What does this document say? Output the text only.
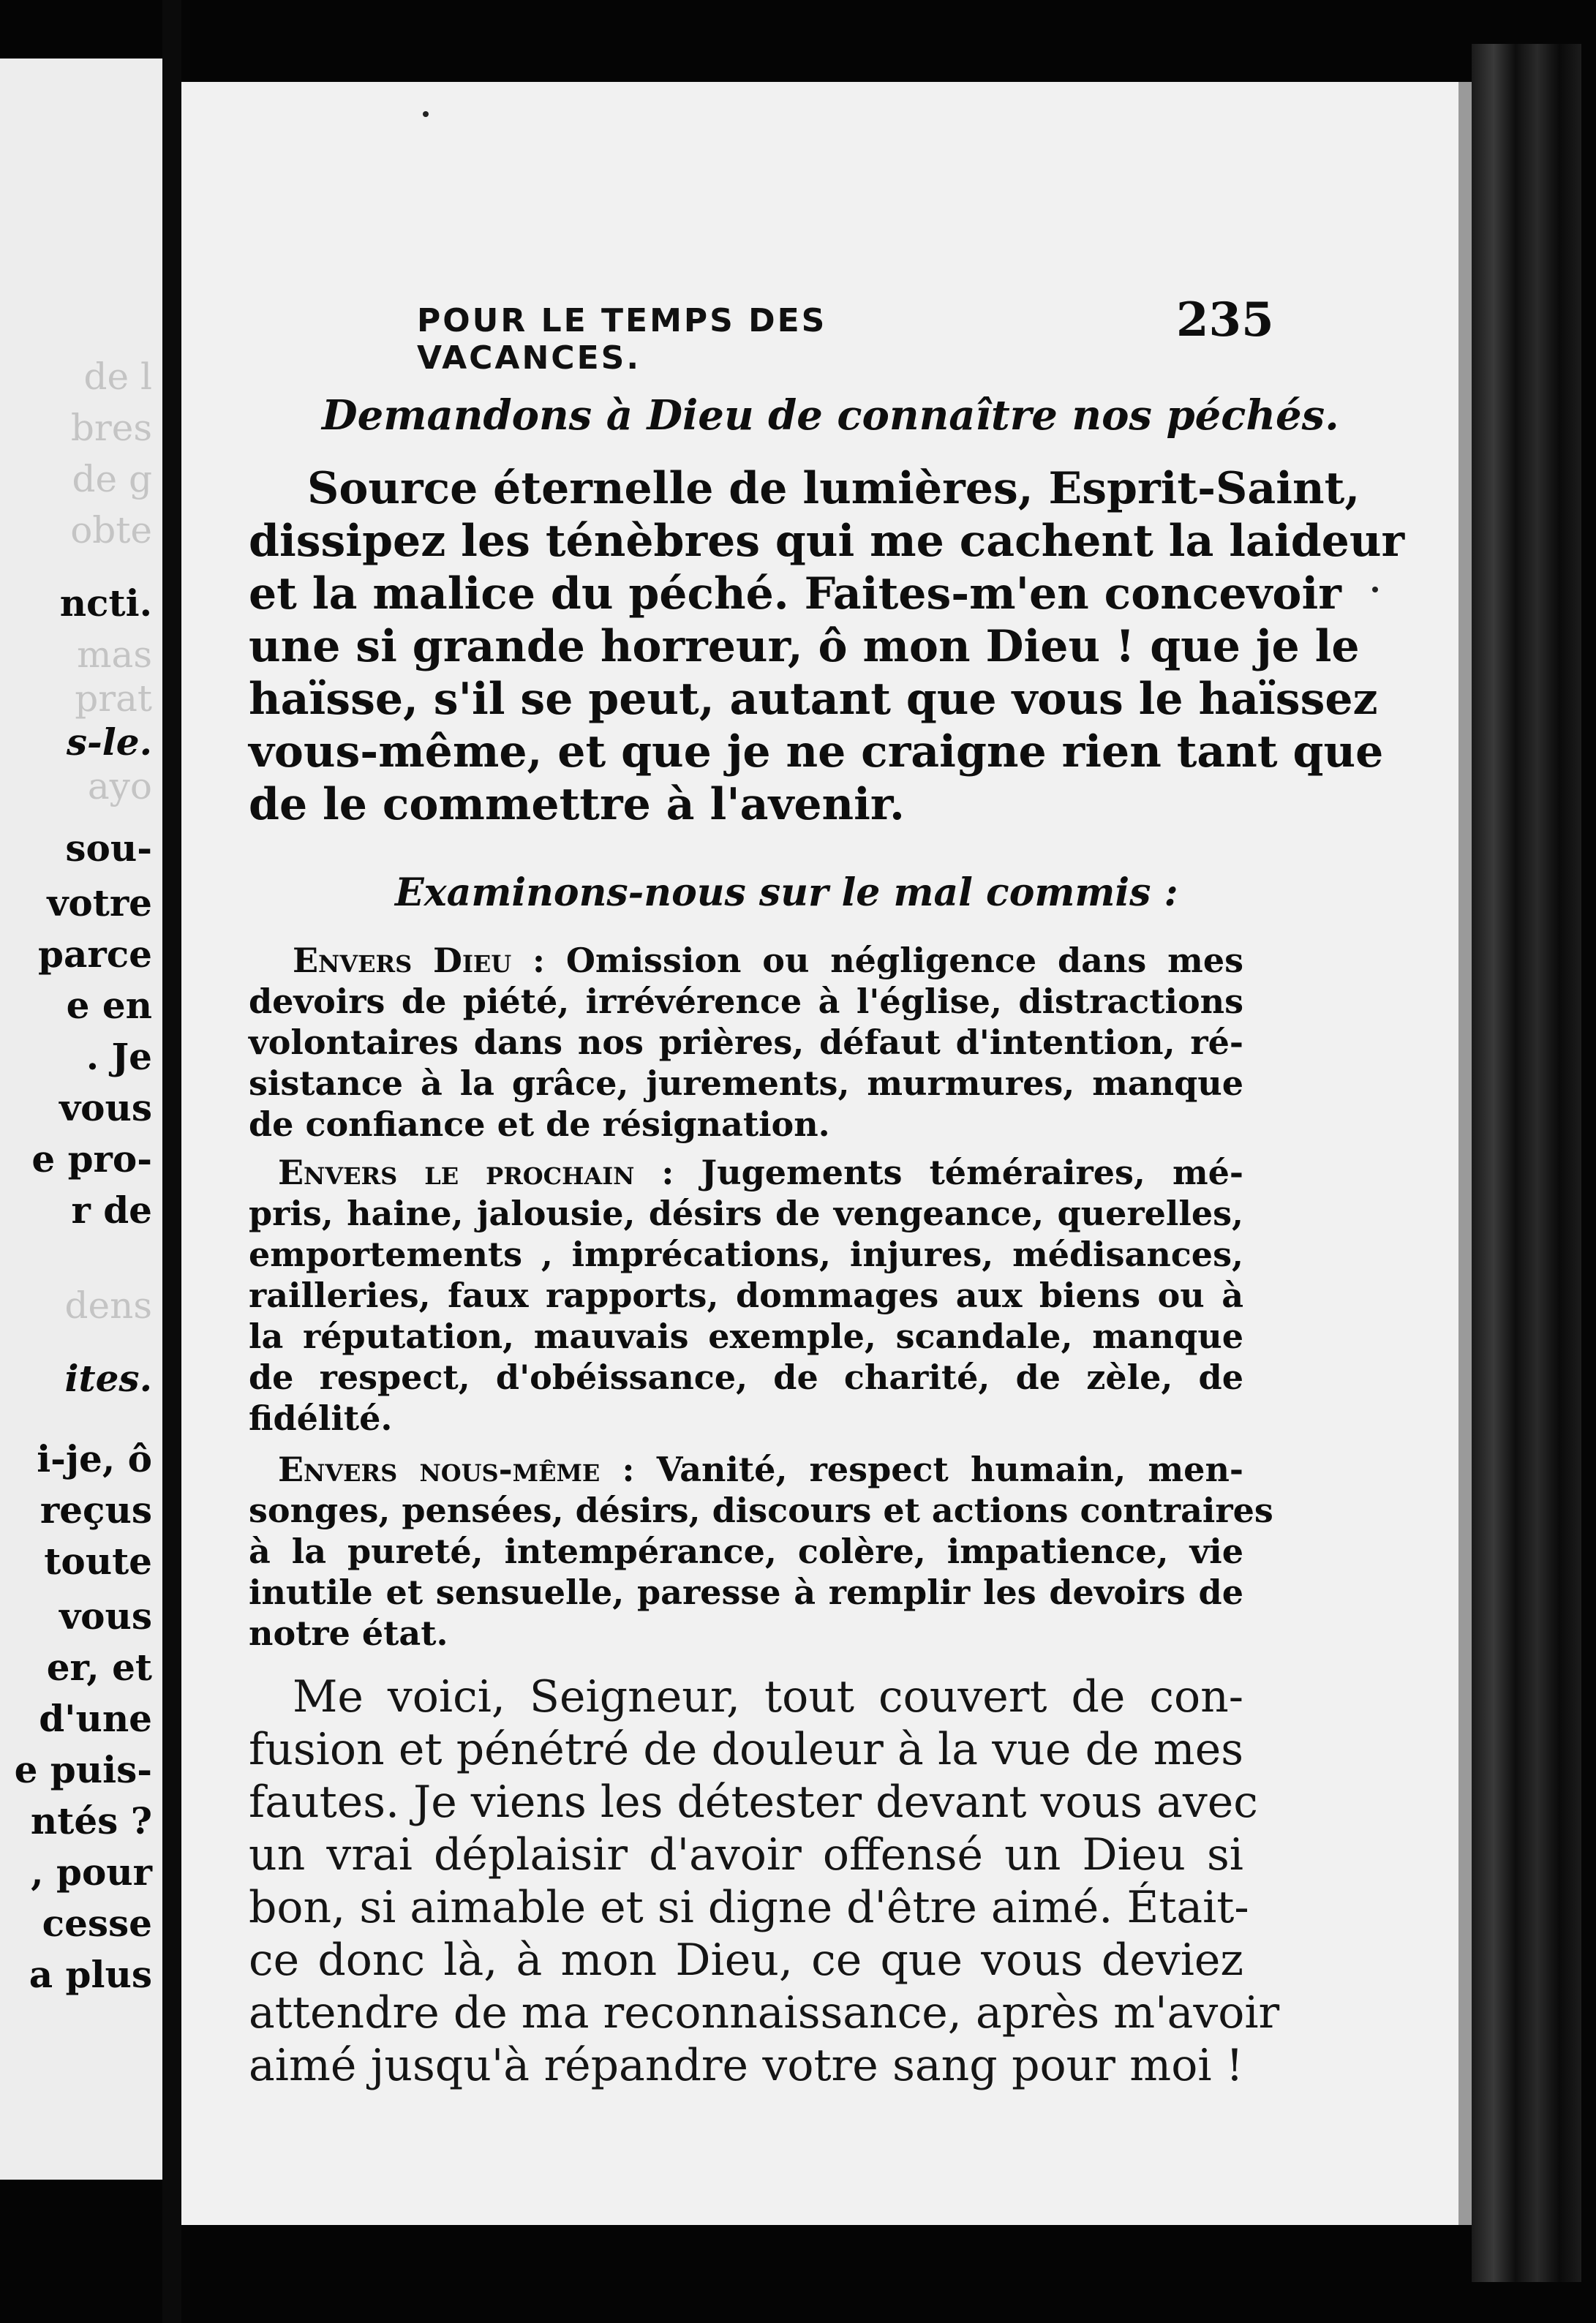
de l
bres
de g
obte
ncti.
mas
prat
s-le.
ayo
sou-
votre
parce
e en
. Je
vous
e pro-
r de
dens
ites.
i-je, ô
reçus
toute
vous
er, et
d'une
e puis-
ntés ?
, pour
cesse
a plus
POUR LE TEMPS DES VACANCES.
235
Demandons à Dieu de connaître nos péchés.
Source éternelle de lumières, Esprit-Saint,
dissipez les ténèbres qui me cachent la laideur
et la malice du péché. Faites-m'en concevoir
une si grande horreur, ô mon Dieu ! que je le
haïsse, s'il se peut, autant que vous le haïssez
vous-même, et que je ne craigne rien tant que
de le commettre à l'avenir.
Examinons-nous sur le mal commis :
Envers Dieu : Omission ou négligence dans mes
devoirs de piété, irrévérence à l'église, distractions
volontaires dans nos prières, défaut d'intention, ré-
sistance à la grâce, jurements, murmures, manque
de confiance et de résignation.
Envers le prochain : Jugements téméraires, mé-
pris, haine, jalousie, désirs de vengeance, querelles,
emportements , imprécations, injures, médisances,
railleries, faux rapports, dommages aux biens ou à
la réputation, mauvais exemple, scandale, manque
de respect, d'obéissance, de charité, de zèle, de
fidélité.
Envers nous-même : Vanité, respect humain, men-
songes, pensées, désirs, discours et actions contraires
à la pureté, intempérance, colère, impatience, vie
inutile et sensuelle, paresse à remplir les devoirs de
notre état.
Me voici, Seigneur, tout couvert de con-
fusion et pénétré de douleur à la vue de mes
fautes. Je viens les détester devant vous avec
un vrai déplaisir d'avoir offensé un Dieu si
bon, si aimable et si digne d'être aimé. Était-
ce donc là, à mon Dieu, ce que vous deviez
attendre de ma reconnaissance, après m'avoir
aimé jusqu'à répandre votre sang pour moi !
